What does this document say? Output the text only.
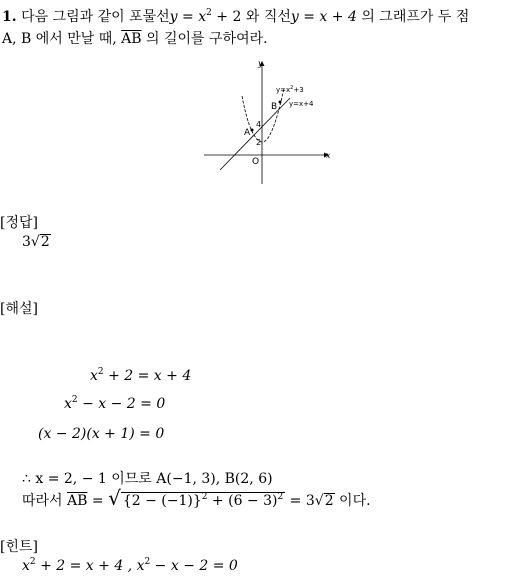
1. 다음 그림과 같이 포물선$y = x^2 + 2$ 와 직선y = x + 4 의 그래프가 두 점
A, B 에서 만날 때, $\overline{AB}$ 의 길이를 구하여라.
y
x
O
A
B
4
2
$y=x^2+3$
y=x+4
[정답]
3√2
[해설]
$x^2 + 2 = x + 4$
$x^2 - x - 2 = 0$
(x − 2)(x + 1) = 0
∴ x = 2, − 1 이므로 A(−1, 3), B(2, 6)
따라서 $\overline{AB}$ = √ $\{2 - (-1)\}^2 + (6 - 3)^2 = 3√2$ 이다.
[힌트]
$x^2 + 2 = x + 4$ , $x^2 - x - 2 = 0$
